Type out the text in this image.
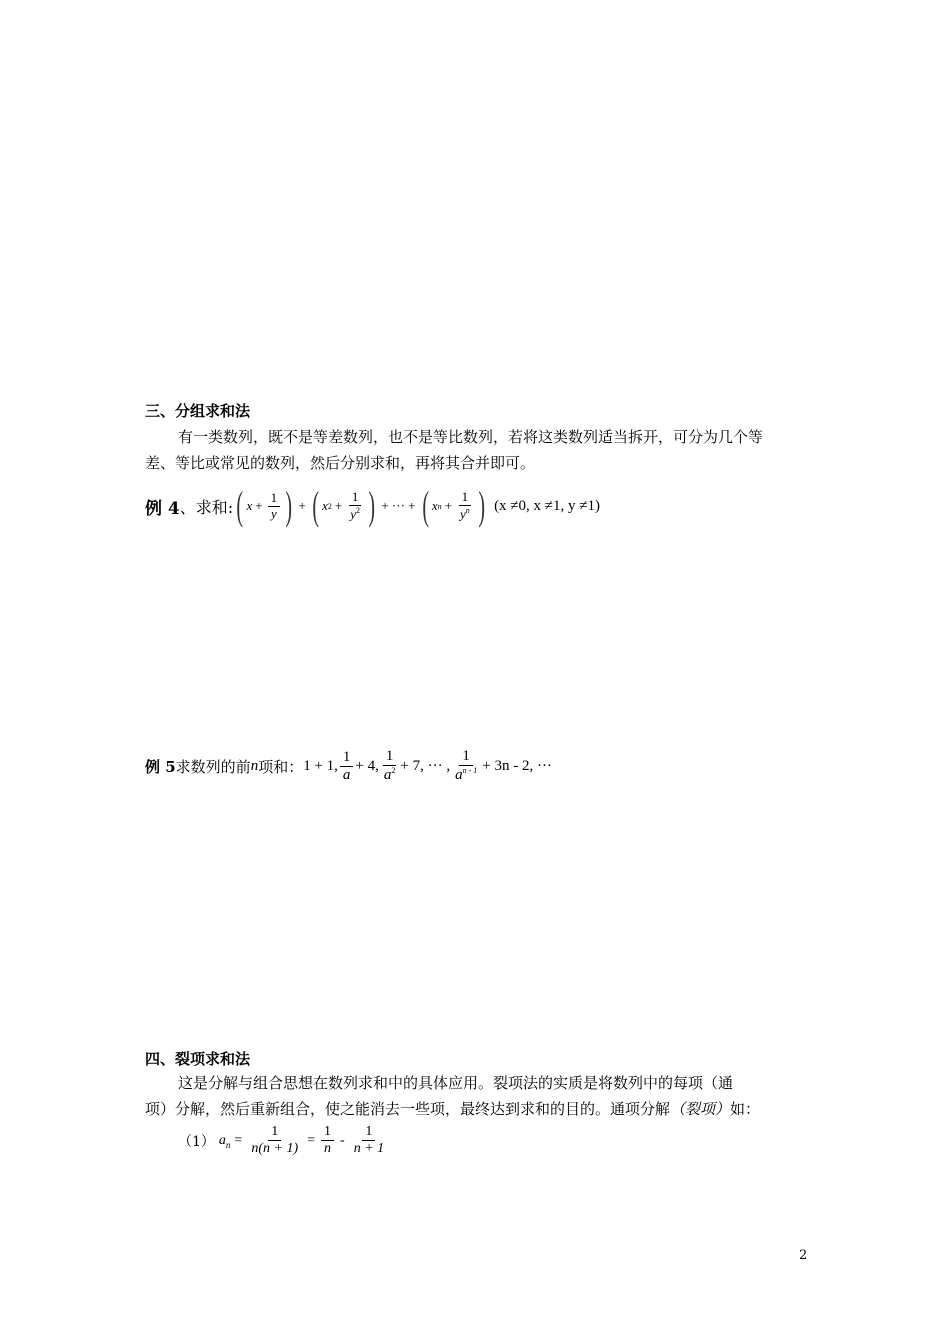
三、分组求和法
有一类数列，既不是等差数列，也不是等比数列，若将这类数列适当拆开，可分为几个等
差、等比或常见的数列，然后分别求和，再将其合并即可。
例 4 、求和: ( $x + \frac{1}{y}$ ) + ( x $2 + \frac{1}{y^2}$ ) + ··· + ( x $n + \frac{1}{y^n}$ ) (x ≠0, x ≠1, y ≠1)
例 5 求数列的前 n 项和： 1 + 1, $\frac{1}{a} + 4$, $\frac{1}{a^2} + 7$, ··· , $\frac{1}{a^{n - 1}} + 3n - 2$, ···
四、裂项求和法
这是分解与组合思想在数列求和中的具体应用。裂项法的实质是将数列中的每项（通
项）分解，然后重新组合，使之能消去一些项，最终达到求和的目的。通项分解（裂项）如：
（1） a $n = \frac{1}{n(n + 1)} = \frac{1}{n} - \frac{1}{n + 1}$
2
